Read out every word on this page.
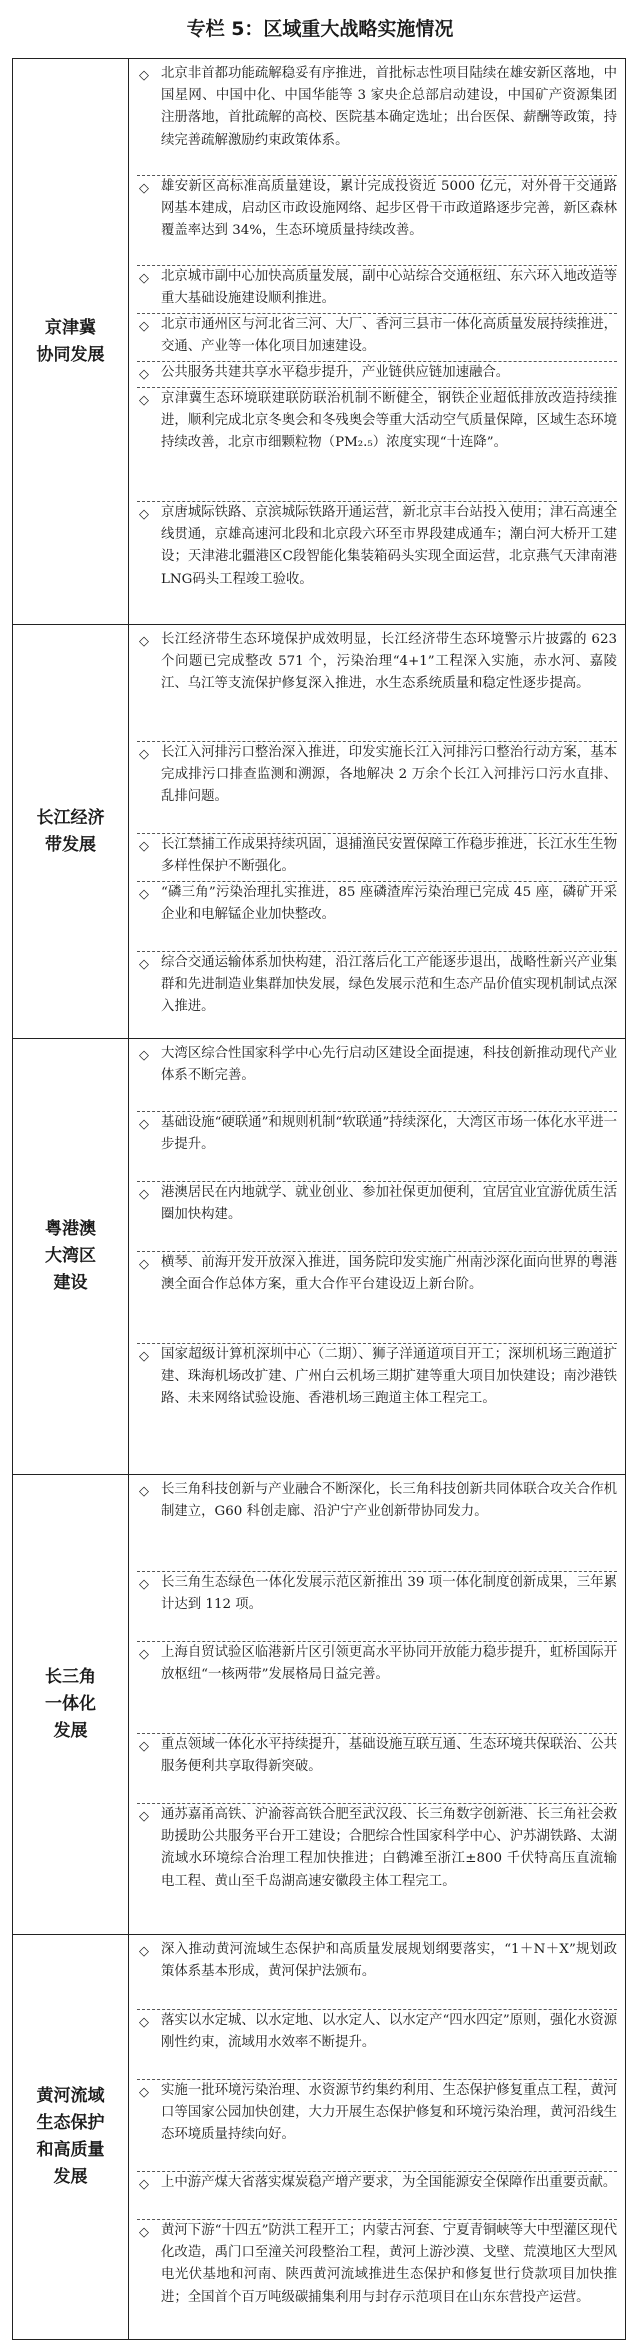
专栏 5：区域重大战略实施情况
京津冀
协同发展
◇ 北京非首都功能疏解稳妥有序推进，首批标志性项目陆续在雄安新区落地，中国星网、中国中化、中国华能等 3 家央企总部启动建设，中国矿产资源集团注册落地，首批疏解的高校、医院基本确定选址；出台医保、薪酬等政策，持续完善疏解激励约束政策体系。
◇ 雄安新区高标准高质量建设，累计完成投资近 5000 亿元，对外骨干交通路网基本建成，启动区市政设施网络、起步区骨干市政道路逐步完善，新区森林覆盖率达到 34%，生态环境质量持续改善。
◇ 北京城市副中心加快高质量发展，副中心站综合交通枢纽、东六环入地改造等重大基础设施建设顺利推进。
◇ 北京市通州区与河北省三河、大厂、香河三县市一体化高质量发展持续推进，交通、产业等一体化项目加速建设。
◇ 公共服务共建共享水平稳步提升，产业链供应链加速融合。
◇ 京津冀生态环境联建联防联治机制不断健全，钢铁企业超低排放改造持续推进，顺利完成北京冬奥会和冬残奥会等重大活动空气质量保障，区域生态环境持续改善，北京市细颗粒物（PM₂.₅）浓度实现“十连降”。
◇ 京唐城际铁路、京滨城际铁路开通运营，新北京丰台站投入使用；津石高速全线贯通，京雄高速河北段和北京段六环至市界段建成通车；潮白河大桥开工建设；天津港北疆港区C段智能化集装箱码头实现全面运营，北京燕气天津南港LNG码头工程竣工验收。
长江经济
带发展
◇ 长江经济带生态环境保护成效明显，长江经济带生态环境警示片披露的 623 个问题已完成整改 571 个，污染治理“4+1”工程深入实施，赤水河、嘉陵江、乌江等支流保护修复深入推进，水生态系统质量和稳定性逐步提高。
◇ 长江入河排污口整治深入推进，印发实施长江入河排污口整治行动方案，基本完成排污口排查监测和溯源，各地解决 2 万余个长江入河排污口污水直排、乱排问题。
◇ 长江禁捕工作成果持续巩固，退捕渔民安置保障工作稳步推进，长江水生生物多样性保护不断强化。
◇ “磷三角”污染治理扎实推进，85 座磷渣库污染治理已完成 45 座，磷矿开采企业和电解锰企业加快整改。
◇ 综合交通运输体系加快构建，沿江落后化工产能逐步退出，战略性新兴产业集群和先进制造业集群加快发展，绿色发展示范和生态产品价值实现机制试点深入推进。
粤港澳
大湾区
建设
◇ 大湾区综合性国家科学中心先行启动区建设全面提速，科技创新推动现代产业体系不断完善。
◇ 基础设施“硬联通”和规则机制“软联通”持续深化，大湾区市场一体化水平进一步提升。
◇ 港澳居民在内地就学、就业创业、参加社保更加便利，宜居宜业宜游优质生活圈加快构建。
◇ 横琴、前海开发开放深入推进，国务院印发实施广州南沙深化面向世界的粤港澳全面合作总体方案，重大合作平台建设迈上新台阶。
◇ 国家超级计算机深圳中心（二期）、狮子洋通道项目开工；深圳机场三跑道扩建、珠海机场改扩建、广州白云机场三期扩建等重大项目加快建设；南沙港铁路、未来网络试验设施、香港机场三跑道主体工程完工。
长三角
一体化
发展
◇ 长三角科技创新与产业融合不断深化，长三角科技创新共同体联合攻关合作机制建立，G60 科创走廊、沿沪宁产业创新带协同发力。
◇ 长三角生态绿色一体化发展示范区新推出 39 项一体化制度创新成果，三年累计达到 112 项。
◇ 上海自贸试验区临港新片区引领更高水平协同开放能力稳步提升，虹桥国际开放枢纽“一核两带”发展格局日益完善。
◇ 重点领域一体化水平持续提升，基础设施互联互通、生态环境共保联治、公共服务便利共享取得新突破。
◇ 通苏嘉甬高铁、沪渝蓉高铁合肥至武汉段、长三角数字创新港、长三角社会救助援助公共服务平台开工建设；合肥综合性国家科学中心、沪苏湖铁路、太湖流域水环境综合治理工程加快推进；白鹤滩至浙江±800 千伏特高压直流输电工程、黄山至千岛湖高速安徽段主体工程完工。
黄河流域
生态保护
和高质量
发展
◇ 深入推动黄河流域生态保护和高质量发展规划纲要落实，“1＋N＋X”规划政策体系基本形成，黄河保护法颁布。
◇ 落实以水定城、以水定地、以水定人、以水定产“四水四定”原则，强化水资源刚性约束，流域用水效率不断提升。
◇ 实施一批环境污染治理、水资源节约集约利用、生态保护修复重点工程，黄河口等国家公园加快创建，大力开展生态保护修复和环境污染治理，黄河沿线生态环境质量持续向好。
◇ 上中游产煤大省落实煤炭稳产增产要求，为全国能源安全保障作出重要贡献。
◇ 黄河下游“十四五”防洪工程开工；内蒙古河套、宁夏青铜峡等大中型灌区现代化改造，禹门口至潼关河段整治工程，黄河上游沙漠、戈壁、荒漠地区大型风电光伏基地和河南、陕西黄河流域推进生态保护和修复世行贷款项目加快推进；全国首个百万吨级碳捕集利用与封存示范项目在山东东营投产运营。
